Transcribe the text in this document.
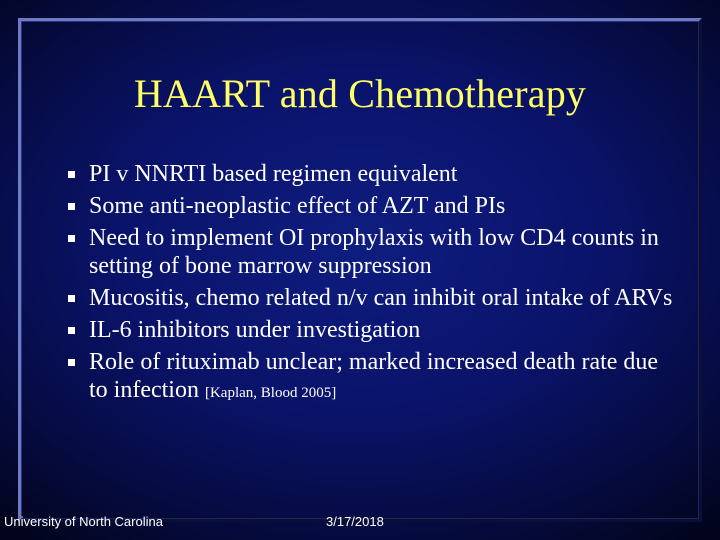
HAART and Chemotherapy
PI v NNRTI based regimen equivalent
Some anti-neoplastic effect of AZT and PIs
Need to implement OI prophylaxis with low CD4 counts in setting of bone marrow suppression
Mucositis, chemo related n/v can inhibit oral intake of ARVs
IL-6 inhibitors under investigation
Role of rituximab unclear; marked increased death rate due to infection [Kaplan, Blood 2005]
University of North Carolina	3/17/2018
